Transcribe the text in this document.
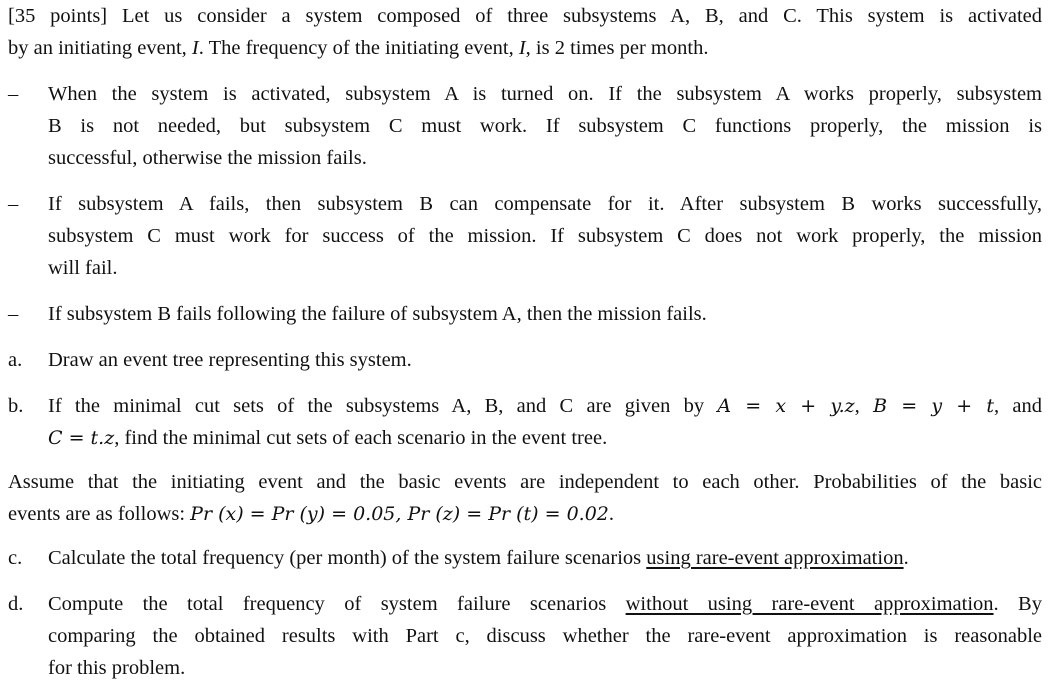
[35 points] Let us consider a system composed of three subsystems A, B, and C. This system is activated
by an initiating event, I. The frequency of the initiating event, I, is 2 times per month.
–	When the system is activated, subsystem A is turned on. If the subsystem A works properly, subsystem
B is not needed, but subsystem C must work. If subsystem C functions properly, the mission is
successful, otherwise the mission fails.
–	If subsystem A fails, then subsystem B can compensate for it. After subsystem B works successfully,
subsystem C must work for success of the mission. If subsystem C does not work properly, the mission
will fail.
–	If subsystem B fails following the failure of subsystem A, then the mission fails.
a.	Draw an event tree representing this system.
b.	If the minimal cut sets of the subsystems A, B, and C are given by A = x + y.z, B = y + t, and
C = t.z, find the minimal cut sets of each scenario in the event tree.
Assume that the initiating event and the basic events are independent to each other. Probabilities of the basic
events are as follows: Pr (x) = Pr (y) = 0.05, Pr (z) = Pr (t) = 0.02.
c.	Calculate the total frequency (per month) of the system failure scenarios using rare-event approximation.
d.	Compute the total frequency of system failure scenarios without using rare-event approximation. By
comparing the obtained results with Part c, discuss whether the rare-event approximation is reasonable
for this problem.
